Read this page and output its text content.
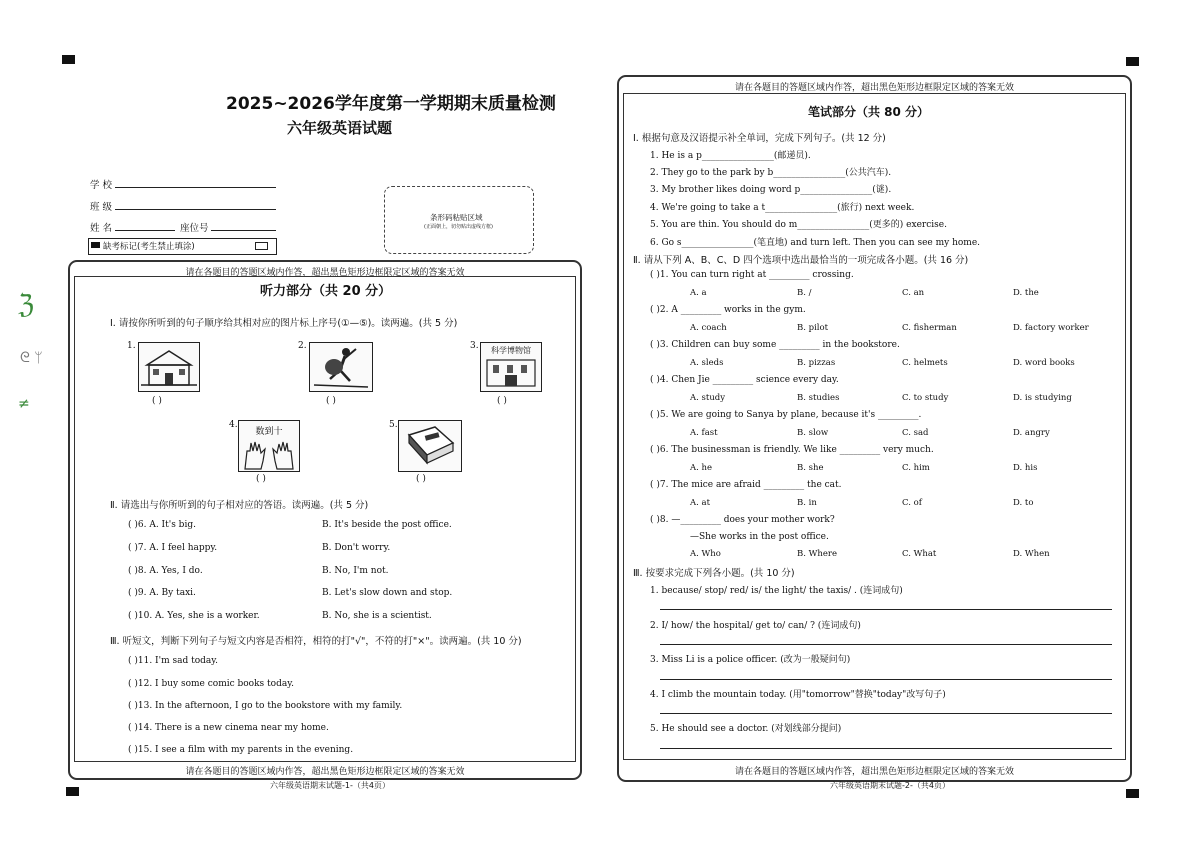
ℨ
ᘓ ᛘ
≠
2025~2026学年度第一学期期末质量检测
六年级英语试题
学 校
班 级
姓 名	座位号
缺考标记(考生禁止填涂)
条形码粘贴区域
(正面朝上，切勿贴出虚线方框)
请在各题目的答题区域内作答，超出黑色矩形边框限定区域的答案无效
请在各题目的答题区域内作答，超出黑色矩形边框限定区域的答案无效
听力部分（共 20 分）
Ⅰ. 请按你所听到的句子顺序给其相对应的图片标上序号(①—⑤)。读两遍。(共 5 分)
1.
( )
2.
( )
3.	科学博物馆
( )
4.
数到十
( )
5.
( )
Ⅱ. 请选出与你所听到的句子相对应的答语。读两遍。(共 5 分)
( )6. A. It's big.	B. It's beside the post office.
( )7. A. I feel happy.	B. Don't worry.
( )8. A. Yes, I do.	B. No, I'm not.
( )9. A. By taxi.	B. Let's slow down and stop.
( )10. A. Yes, she is a worker.	B. No, she is a scientist.
Ⅲ. 听短文，判断下列句子与短文内容是否相符，相符的打"√"，不符的打"×"。读两遍。(共 10 分)
( )11. I'm sad today.
( )12. I buy some comic books today.
( )13. In the afternoon, I go to the bookstore with my family.
( )14. There is a new cinema near my home.
( )15. I see a film with my parents in the evening.
六年级英语期末试题-1-（共4页）
请在各题目的答题区域内作答，超出黑色矩形边框限定区域的答案无效
请在各题目的答题区域内作答，超出黑色矩形边框限定区域的答案无效
笔试部分（共 80 分）
Ⅰ. 根据句意及汉语提示补全单词，完成下列句子。(共 12 分)
1. He is a p________________(邮递员).
2. They go to the park by b________________(公共汽车).
3. My brother likes doing word p________________(谜).
4. We're going to take a t________________(旅行) next week.
5. You are thin. You should do m________________(更多的) exercise.
6. Go s________________(笔直地) and turn left. Then you can see my home.
Ⅱ. 请从下列 A、B、C、D 四个选项中选出最恰当的一项完成各小题。(共 16 分)
( )1. You can turn right at _________ crossing.
A. a	B. /	C. an	D. the
( )2. A _________ works in the gym.
A. coach	B. pilot	C. fisherman	D. factory worker
( )3. Children can buy some _________ in the bookstore.
A. sleds	B. pizzas	C. helmets	D. word books
( )4. Chen Jie _________ science every day.
A. study	B. studies	C. to study	D. is studying
( )5. We are going to Sanya by plane, because it's _________.
A. fast	B. slow	C. sad	D. angry
( )6. The businessman is friendly. We like _________ very much.
A. he	B. she	C. him	D. his
( )7. The mice are afraid _________ the cat.
A. at	B. in	C. of	D. to
( )8. —_________ does your mother work?
—She works in the post office.
A. Who	B. Where	C. What	D. When
Ⅲ. 按要求完成下列各小题。(共 10 分)
1. because/ stop/ red/ is/ the light/ the taxis/ . (连词成句)
2. I/ how/ the hospital/ get to/ can/ ? (连词成句)
3. Miss Li is a police officer. (改为一般疑问句)
4. I climb the mountain today. (用"tomorrow"替换"today"改写句子)
5. He should see a doctor. (对划线部分提问)
六年级英语期末试题-2-（共4页）
